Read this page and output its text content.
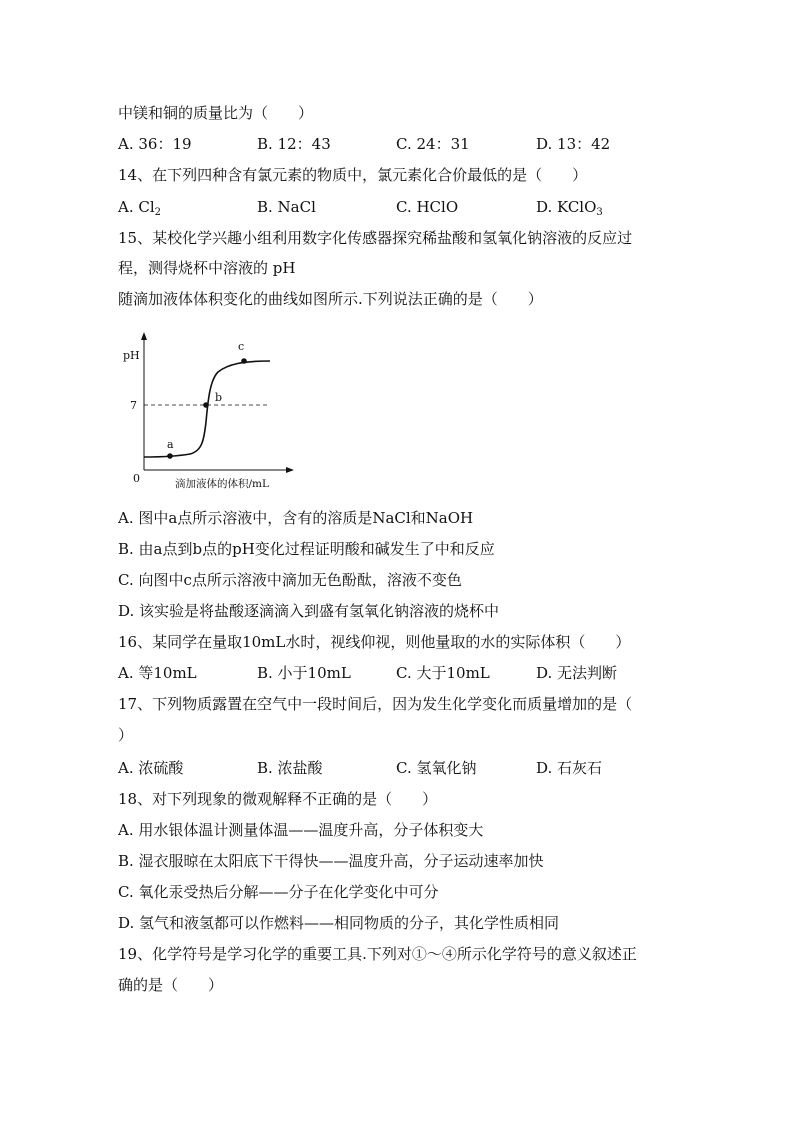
中镁和铜的质量比为（　　）
A. 36：19	B. 12：43	C. 24：31	D. 13：42
14、在下列四种含有氯元素的物质中，氯元素化合价最低的是（　　）
A. $Cl_2$	B. NaCl	C. HClO	D. KClO$_3$
15、某校化学兴趣小组利用数字化传感器探究稀盐酸和氢氧化钠溶液的反应过
程，测得烧杯中溶液的 pH
随滴加液体体积变化的曲线如图所示.下列说法正确的是（　　）
pH
7
0
a
b
c
滴加液体的体积/mL
A. 图中a点所示溶液中，含有的溶质是NaCl和NaOH
B. 由a点到b点的pH变化过程证明酸和碱发生了中和反应
C. 向图中c点所示溶液中滴加无色酚酞，溶液不变色
D. 该实验是将盐酸逐滴滴入到盛有氢氧化钠溶液的烧杯中
16、某同学在量取10mL水时，视线仰视，则他量取的水的实际体积（　　）
A. 等10mL	B. 小于10mL	C. 大于10mL	D. 无法判断
17、下列物质露置在空气中一段时间后，因为发生化学变化而质量增加的是（
）
A. 浓硫酸	B. 浓盐酸	C. 氢氧化钠	D. 石灰石
18、对下列现象的微观解释不正确的是（　　）
A. 用水银体温计测量体温——温度升高，分子体积变大
B. 湿衣服晾在太阳底下干得快——温度升高，分子运动速率加快
C. 氧化汞受热后分解——分子在化学变化中可分
D. 氢气和液氢都可以作燃料——相同物质的分子，其化学性质相同
19、化学符号是学习化学的重要工具.下列对①～④所示化学符号的意义叙述正
确的是（　　）
